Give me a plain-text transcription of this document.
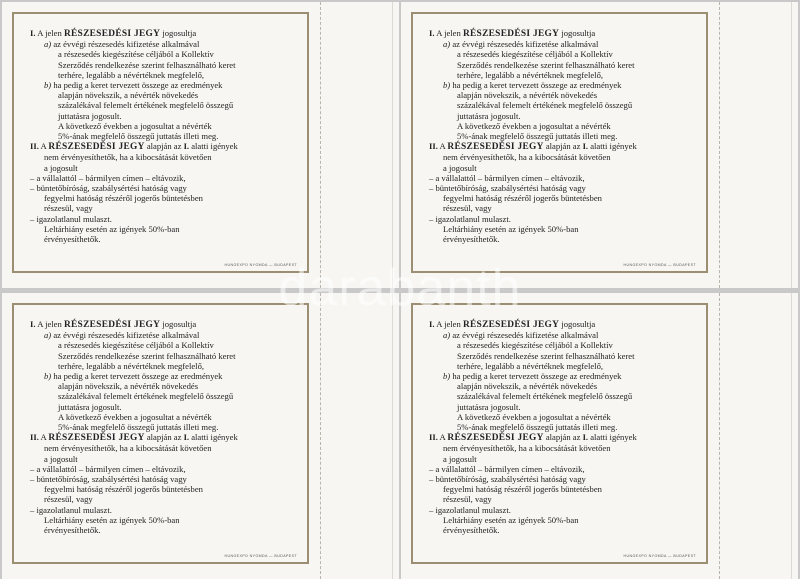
I. A jelen RÉSZESEDÉSI JEGY jogosultja
a) az évvégi részesedés kifizetése alkalmával
a részesedés kiegészítése céljából a Kollektív
Szerződés rendelkezése szerint felhasználható keret
terhére, legalább a névértéknek megfelelő,
b) ha pedig a keret tervezett összege az eredmények
alapján növekszik, a névérték növekedés
százalékával felemelt értékének megfelelő összegű
juttatásra jogosult.
A következő években a jogosultat a névérték
5%-ának megfelelő összegű juttatás illeti meg.
II. A RÉSZESEDÉSI JEGY alapján az I. alatti igények
nem érvényesíthetők, ha a kibocsátását követően
a jogosult
– a vállalattól – bármilyen címen – eltávozik,
– büntetőbíróság, szabálysértési hatóság vagy
fegyelmi hatóság részéről jogerős büntetésben
részesül, vagy
– igazolatlanul mulaszt.
Leltárhiány esetén az igények 50%-ban
érvényesíthetők.
HUNGEXPO NYOMDA — BUDAPEST
I. A jelen RÉSZESEDÉSI JEGY jogosultja
a) az évvégi részesedés kifizetése alkalmával
a részesedés kiegészítése céljából a Kollektív
Szerződés rendelkezése szerint felhasználható keret
terhére, legalább a névértéknek megfelelő,
b) ha pedig a keret tervezett összege az eredmények
alapján növekszik, a névérték növekedés
százalékával felemelt értékének megfelelő összegű
juttatásra jogosult.
A következő években a jogosultat a névérték
5%-ának megfelelő összegű juttatás illeti meg.
II. A RÉSZESEDÉSI JEGY alapján az I. alatti igények
nem érvényesíthetők, ha a kibocsátását követően
a jogosult
– a vállalattól – bármilyen címen – eltávozik,
– büntetőbíróság, szabálysértési hatóság vagy
fegyelmi hatóság részéről jogerős büntetésben
részesül, vagy
– igazolatlanul mulaszt.
Leltárhiány esetén az igények 50%-ban
érvényesíthetők.
HUNGEXPO NYOMDA — BUDAPEST
I. A jelen RÉSZESEDÉSI JEGY jogosultja
a) az évvégi részesedés kifizetése alkalmával
a részesedés kiegészítése céljából a Kollektív
Szerződés rendelkezése szerint felhasználható keret
terhére, legalább a névértéknek megfelelő,
b) ha pedig a keret tervezett összege az eredmények
alapján növekszik, a névérték növekedés
százalékával felemelt értékének megfelelő összegű
juttatásra jogosult.
A következő években a jogosultat a névérték
5%-ának megfelelő összegű juttatás illeti meg.
II. A RÉSZESEDÉSI JEGY alapján az I. alatti igények
nem érvényesíthetők, ha a kibocsátását követően
a jogosult
– a vállalattól – bármilyen címen – eltávozik,
– büntetőbíróság, szabálysértési hatóság vagy
fegyelmi hatóság részéről jogerős büntetésben
részesül, vagy
– igazolatlanul mulaszt.
Leltárhiány esetén az igények 50%-ban
érvényesíthetők.
HUNGEXPO NYOMDA — BUDAPEST
I. A jelen RÉSZESEDÉSI JEGY jogosultja
a) az évvégi részesedés kifizetése alkalmával
a részesedés kiegészítése céljából a Kollektív
Szerződés rendelkezése szerint felhasználható keret
terhére, legalább a névértéknek megfelelő,
b) ha pedig a keret tervezett összege az eredmények
alapján növekszik, a névérték növekedés
százalékával felemelt értékének megfelelő összegű
juttatásra jogosult.
A következő években a jogosultat a névérték
5%-ának megfelelő összegű juttatás illeti meg.
II. A RÉSZESEDÉSI JEGY alapján az I. alatti igények
nem érvényesíthetők, ha a kibocsátását követően
a jogosult
– a vállalattól – bármilyen címen – eltávozik,
– büntetőbíróság, szabálysértési hatóság vagy
fegyelmi hatóság részéről jogerős büntetésben
részesül, vagy
– igazolatlanul mulaszt.
Leltárhiány esetén az igények 50%-ban
érvényesíthetők.
HUNGEXPO NYOMDA — BUDAPEST
darabanth
